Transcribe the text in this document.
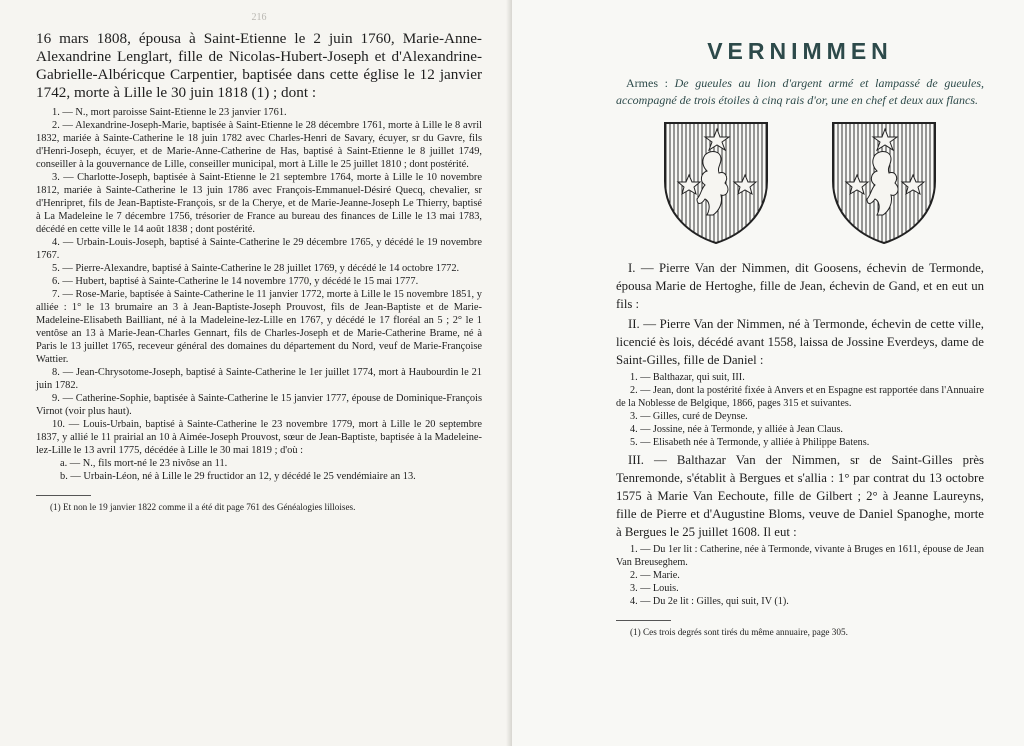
216

16 mars 1808, épousa à Saint-Etienne le 2 juin 1760, Marie-Anne-Alexandrine Lenglart, fille de Nicolas-Hubert-Joseph et d'Alexandrine-Gabrielle-Albéricque Carpentier, baptisée dans cette église le 12 janvier 1742, morte à Lille le 30 juin 1818 (1) ; dont :

1. — N., mort paroisse Saint-Etienne le 23 janvier 1761.

2. — Alexandrine-Joseph-Marie, baptisée à Saint-Etienne le 28 décembre 1761, morte à Lille le 8 avril 1832, mariée à Sainte-Catherine le 18 juin 1782 avec Charles-Henri de Savary, écuyer, sr du Gavre, fils d'Henri-Joseph, écuyer, et de Marie-Anne-Catherine de Has, baptisé à Saint-Etienne le 8 juillet 1749, conseiller à la gouvernance de Lille, conseiller municipal, mort à Lille le 25 juillet 1810 ; dont postérité.

3. — Charlotte-Joseph, baptisée à Saint-Etienne le 21 septembre 1764, morte à Lille le 10 novembre 1812, mariée à Sainte-Catherine le 13 juin 1786 avec François-Emmanuel-Désiré Quecq, chevalier, sr d'Henripret, fils de Jean-Baptiste-François, sr de la Cherye, et de Marie-Jeanne-Joseph Le Thierry, baptisé à La Madeleine le 7 décembre 1756, trésorier de France au bureau des finances de Lille le 13 mai 1783, décédé en cette ville le 14 août 1838 ; dont postérité.

4. — Urbain-Louis-Joseph, baptisé à Sainte-Catherine le 29 décembre 1765, y décédé le 19 novembre 1767.

5. — Pierre-Alexandre, baptisé à Sainte-Catherine le 28 juillet 1769, y décédé le 14 octobre 1772.

6. — Hubert, baptisé à Sainte-Catherine le 14 novembre 1770, y décédé le 15 mai 1777.

7. — Rose-Marie, baptisée à Sainte-Catherine le 11 janvier 1772, morte à Lille le 15 novembre 1851, y alliée : 1° le 13 brumaire an 3 à Jean-Baptiste-Joseph Prouvost, fils de Jean-Baptiste et de Marie-Madeleine-Elisabeth Bailliant, né à la Madeleine-lez-Lille en 1767, y décédé le 17 floréal an 5 ; 2° le 1 ventôse an 13 à Marie-Jean-Charles Gennart, fils de Charles-Joseph et de Marie-Catherine Brame, né à Paris le 13 juillet 1765, receveur général des domaines du département du Nord, veuf de Marie-Françoise Wattier.

8. — Jean-Chrysotome-Joseph, baptisé à Sainte-Catherine le 1er juillet 1774, mort à Haubourdin le 21 juin 1782.

9. — Catherine-Sophie, baptisée à Sainte-Catherine le 15 janvier 1777, épouse de Dominique-François Virnot (voir plus haut).

10. — Louis-Urbain, baptisé à Sainte-Catherine le 23 novembre 1779, mort à Lille le 20 septembre 1837, y allié le 11 prairial an 10 à Aimée-Joseph Prouvost, sœur de Jean-Baptiste, baptisée à la Madeleine-lez-Lille le 13 avril 1775, décédée à Lille le 30 mai 1819 ; d'où :

a. — N., fils mort-né le 23 nivôse an 11.

b. — Urbain-Léon, né à Lille le 29 fructidor an 12, y décédé le 25 vendémiaire an 13.

(1) Et non le 19 janvier 1822 comme il a été dit page 761 des Généalogies lilloises.

VERNIMMEN

Armes : De gueules au lion d'argent armé et lampassé de gueules, accompagné de trois étoiles à cinq rais d'or, une en chef et deux aux flancs.

I. — Pierre Van der Nimmen, dit Goosens, échevin de Termonde, épousa Marie de Hertoghe, fille de Jean, échevin de Gand, et en eut un fils :

II. — Pierre Van der Nimmen, né à Termonde, échevin de cette ville, licencié ès lois, décédé avant 1558, laissa de Jossine Everdeys, dame de Saint-Gilles, fille de Daniel :

1. — Balthazar, qui suit, III.

2. — Jean, dont la postérité fixée à Anvers et en Espagne est rapportée dans l'Annuaire de la Noblesse de Belgique, 1866, pages 315 et suivantes.

3. — Gilles, curé de Deynse.

4. — Jossine, née à Termonde, y alliée à Jean Claus.

5. — Elisabeth née à Termonde, y alliée à Philippe Batens.

III. — Balthazar Van der Nimmen, sr de Saint-Gilles près Tenremonde, s'établit à Bergues et s'allia : 1° par contrat du 13 octobre 1575 à Marie Van Eechoute, fille de Gilbert ; 2° à Jeanne Laureyns, fille de Pierre et d'Augustine Bloms, veuve de Daniel Spanoghe, morte à Bergues le 25 juillet 1608. Il eut :

1. — Du 1er lit : Catherine, née à Termonde, vivante à Bruges en 1611, épouse de Jean Van Breuseghem.

2. — Marie.

3. — Louis.

4. — Du 2e lit : Gilles, qui suit, IV (1).

(1) Ces trois degrés sont tirés du même annuaire, page 305.
